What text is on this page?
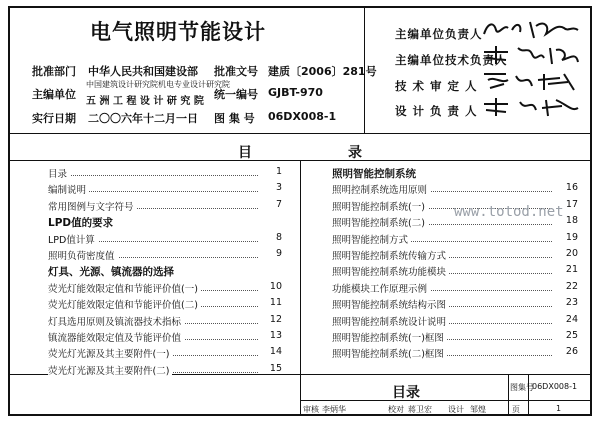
电气照明节能设计
批准部门 中华人民共和国建设部 批准文号 建质〔2006〕281号
主编单位
中国建筑设计研究院机电专业设计研究院
五 洲 工 程 设 计 研 究 院
统一编号 GJBT-970
实行日期 二〇〇六年十二月一日 图 集 号 06DX008-1
主编单位负责人
主编单位技术负责人
技 术 审 定 人
设 计 负 责 人
目	录
目录	1
编制说明	3
常用图例与文字符号	7
LPD值的要求
LPD值计算	8
照明负荷密度值	9
灯具、光源、镇流器的选择
荧光灯能效限定值和节能评价值(一)	10
荧光灯能效限定值和节能评价值(二)	11
灯具选用原则及镇流器技术指标	12
镇流器能效限定值及节能评价值	13
荧光灯光源及其主要附件(一)	14
荧光灯光源及其主要附件(二)	15
照明智能控制系统
照明控制系统选用原则	16
照明智能控制系统(一)	17
照明智能控制系统(二)	18
照明智能控制方式	19
照明智能控制系统传输方式	20
照明智能控制系统功能模块	21
功能模块工作原理示例	22
照明智能控制系统结构示图	23
照明智能控制系统设计说明	24
照明智能控制系统(一)框图	25
照明智能控制系统(二)框图	26
www.totod.net
目录	图集号
06DX008-1
审核 李炳华	校对 蒋卫宏 设计 邹煌	页	1
